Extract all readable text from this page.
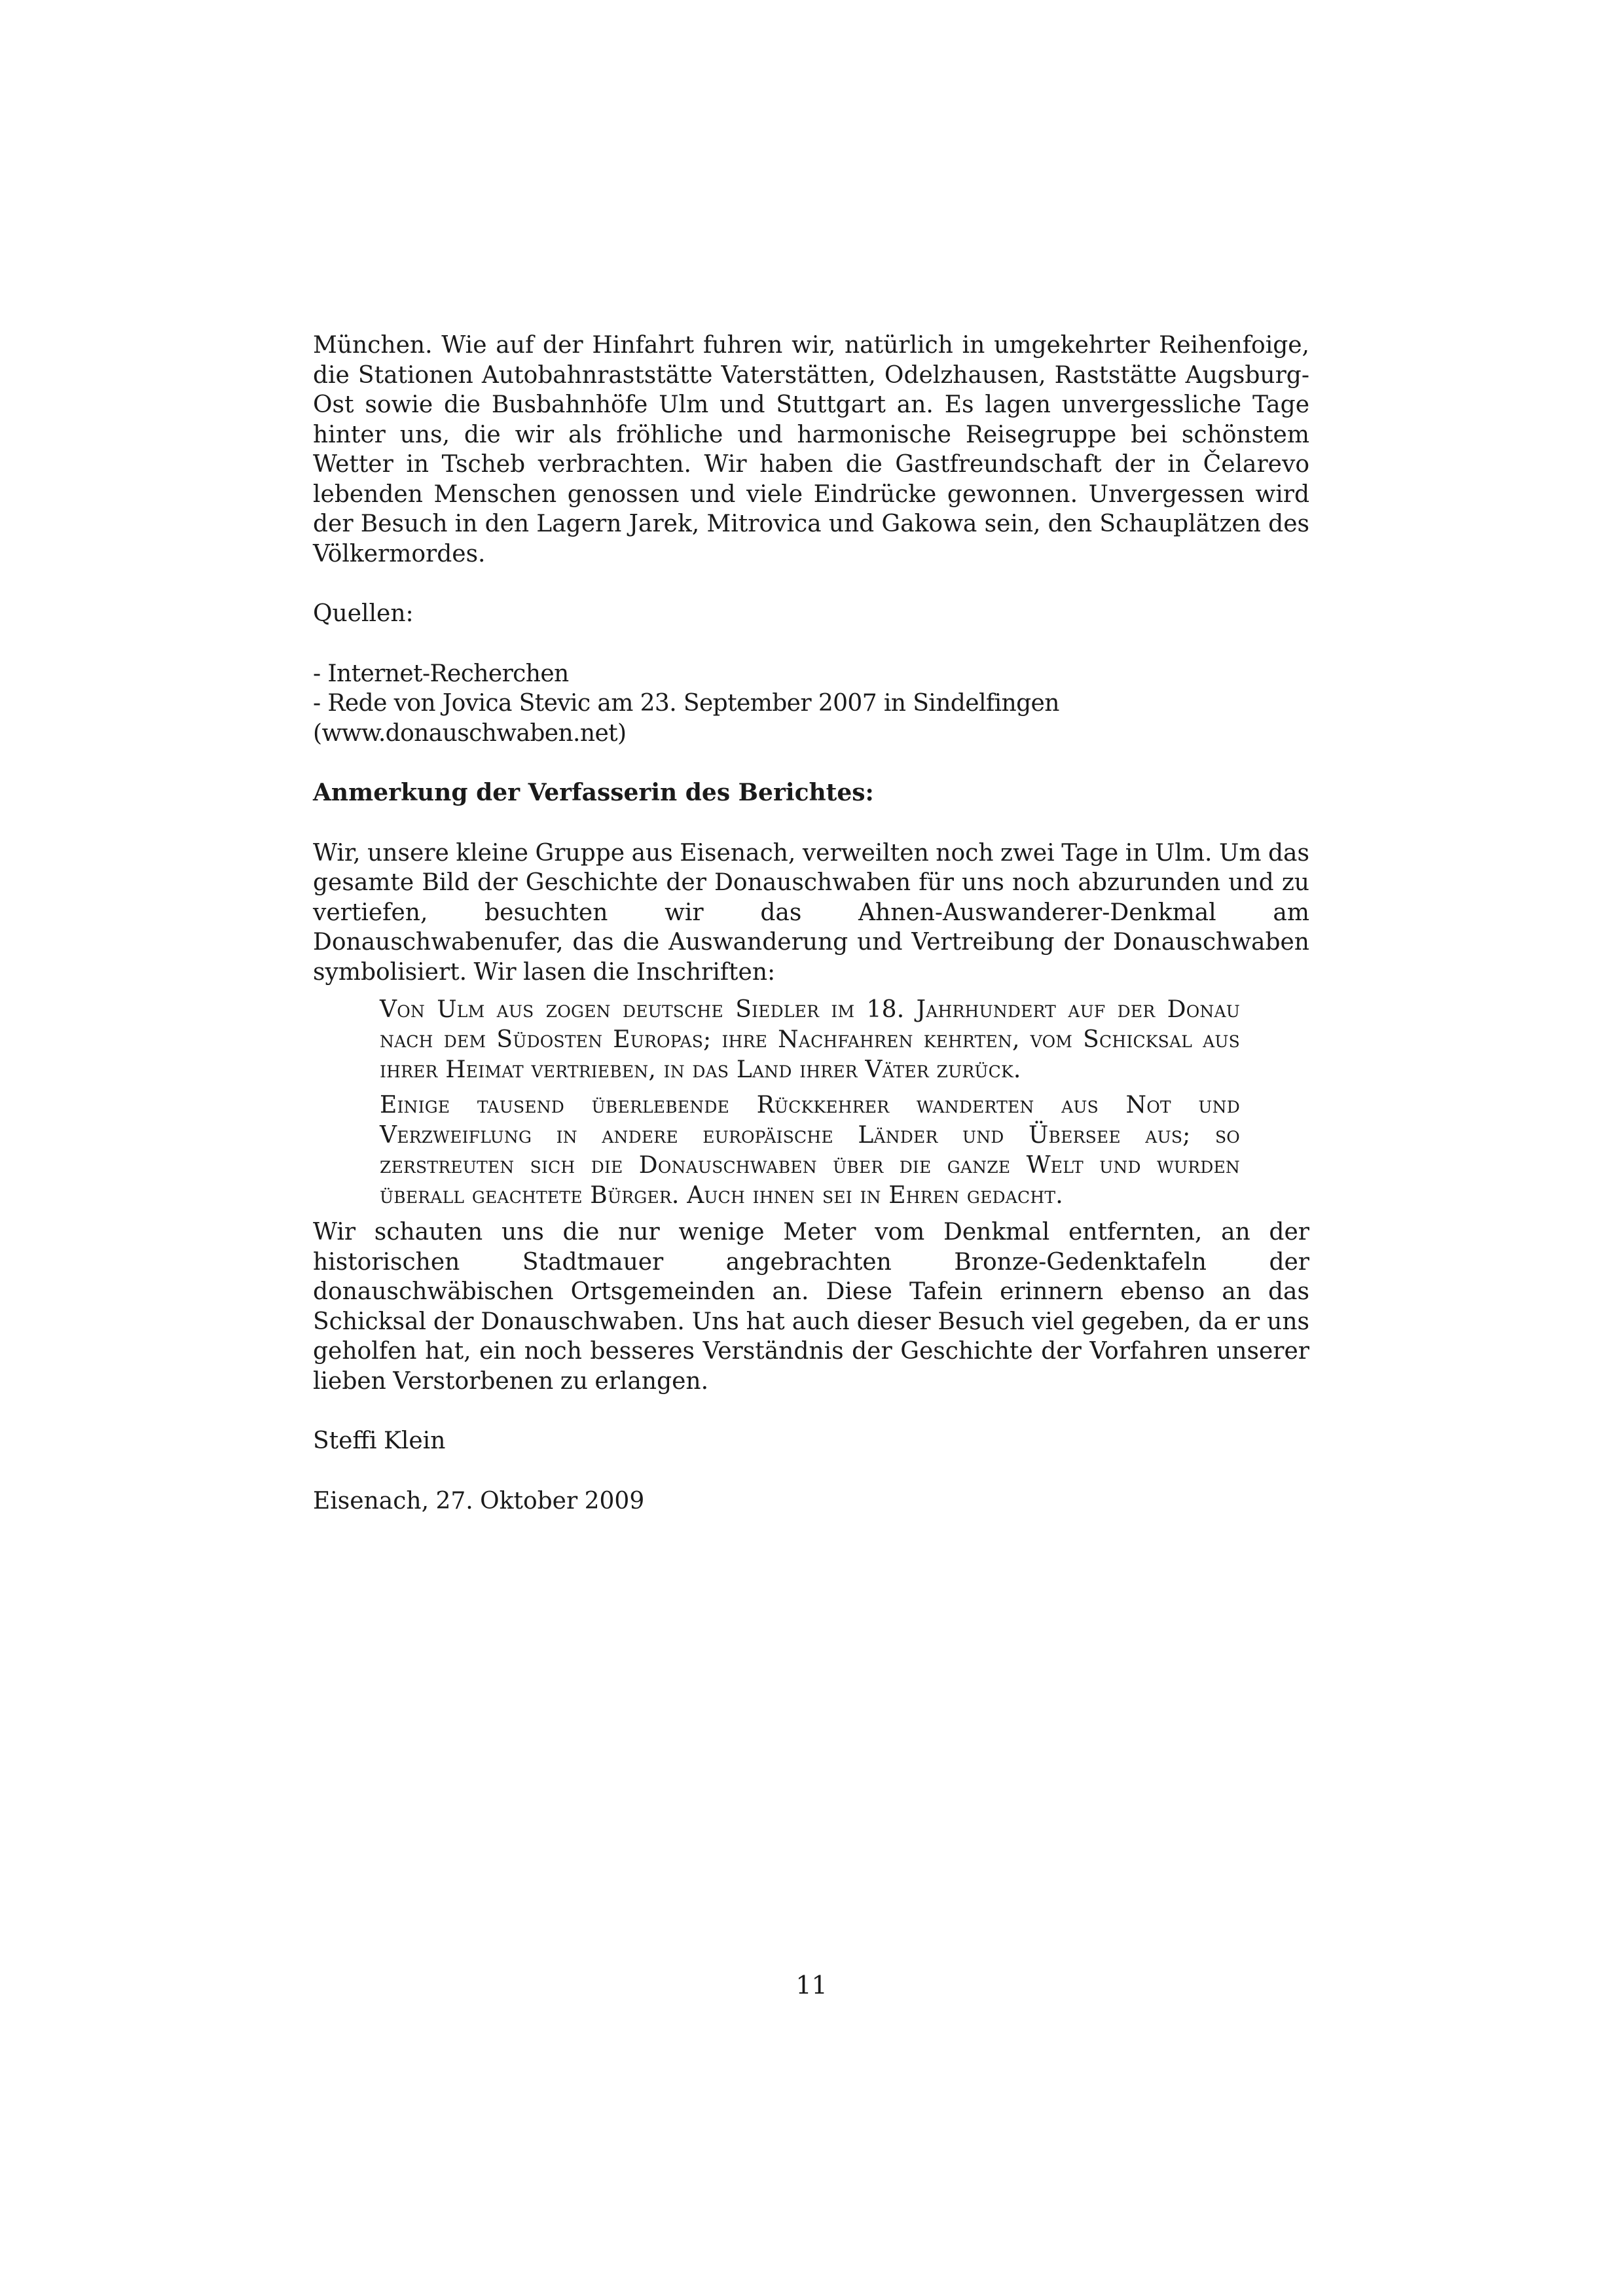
München. Wie auf der Hinfahrt fuhren wir, natürlich in umgekehrter Reihenfoige, die Stationen Autobahnraststätte Vaterstätten, Odelzhausen, Raststätte Augsburg-Ost sowie die Busbahnhöfe Ulm und Stuttgart an. Es lagen unvergessliche Tage hinter uns, die wir als fröhliche und harmonische Reisegruppe bei schönstem Wetter in Tscheb verbrachten. Wir haben die Gastfreundschaft der in Čelarevo lebenden Menschen genossen und viele Eindrücke gewonnen. Unvergessen wird der Besuch in den Lagern Jarek, Mitrovica und Gakowa sein, den Schauplätzen des Völkermordes.

Quellen:

- Internet-Recherchen
- Rede von Jovica Stevic am 23. September 2007 in Sindelfingen (www.donauschwaben.net)

Anmerkung der Verfasserin des Berichtes:

Wir, unsere kleine Gruppe aus Eisenach, verweilten noch zwei Tage in Ulm. Um das gesamte Bild der Geschichte der Donauschwaben für uns noch abzurunden und zu vertiefen, besuchten wir das Ahnen-Auswanderer-Denkmal am Donauschwabenufer, das die Auswanderung und Vertreibung der Donauschwaben symbolisiert. Wir lasen die Inschriften:

Von Ulm aus zogen deutsche Siedler im 18. Jahrhundert auf der Donau nach dem Südosten Europas; ihre Nachfahren kehrten, vom Schicksal aus ihrer Heimat vertrieben, in das Land ihrer Väter zurück.

Einige tausend überlebende Rückkehrer wanderten aus Not und Verzweiflung in andere europäische Länder und Übersee aus; so zerstreuten sich die Donauschwaben über die ganze Welt und wurden überall geachtete Bürger. Auch ihnen sei in Ehren gedacht.

Wir schauten uns die nur wenige Meter vom Denkmal entfernten, an der historischen Stadtmauer angebrachten Bronze-Gedenktafeln der donauschwäbischen Ortsgemeinden an. Diese Tafein erinnern ebenso an das Schicksal der Donauschwaben. Uns hat auch dieser Besuch viel gegeben, da er uns geholfen hat, ein noch besseres Verständnis der Geschichte der Vorfahren unserer lieben Verstorbenen zu erlangen.

Steffi Klein

Eisenach, 27. Oktober 2009

11
